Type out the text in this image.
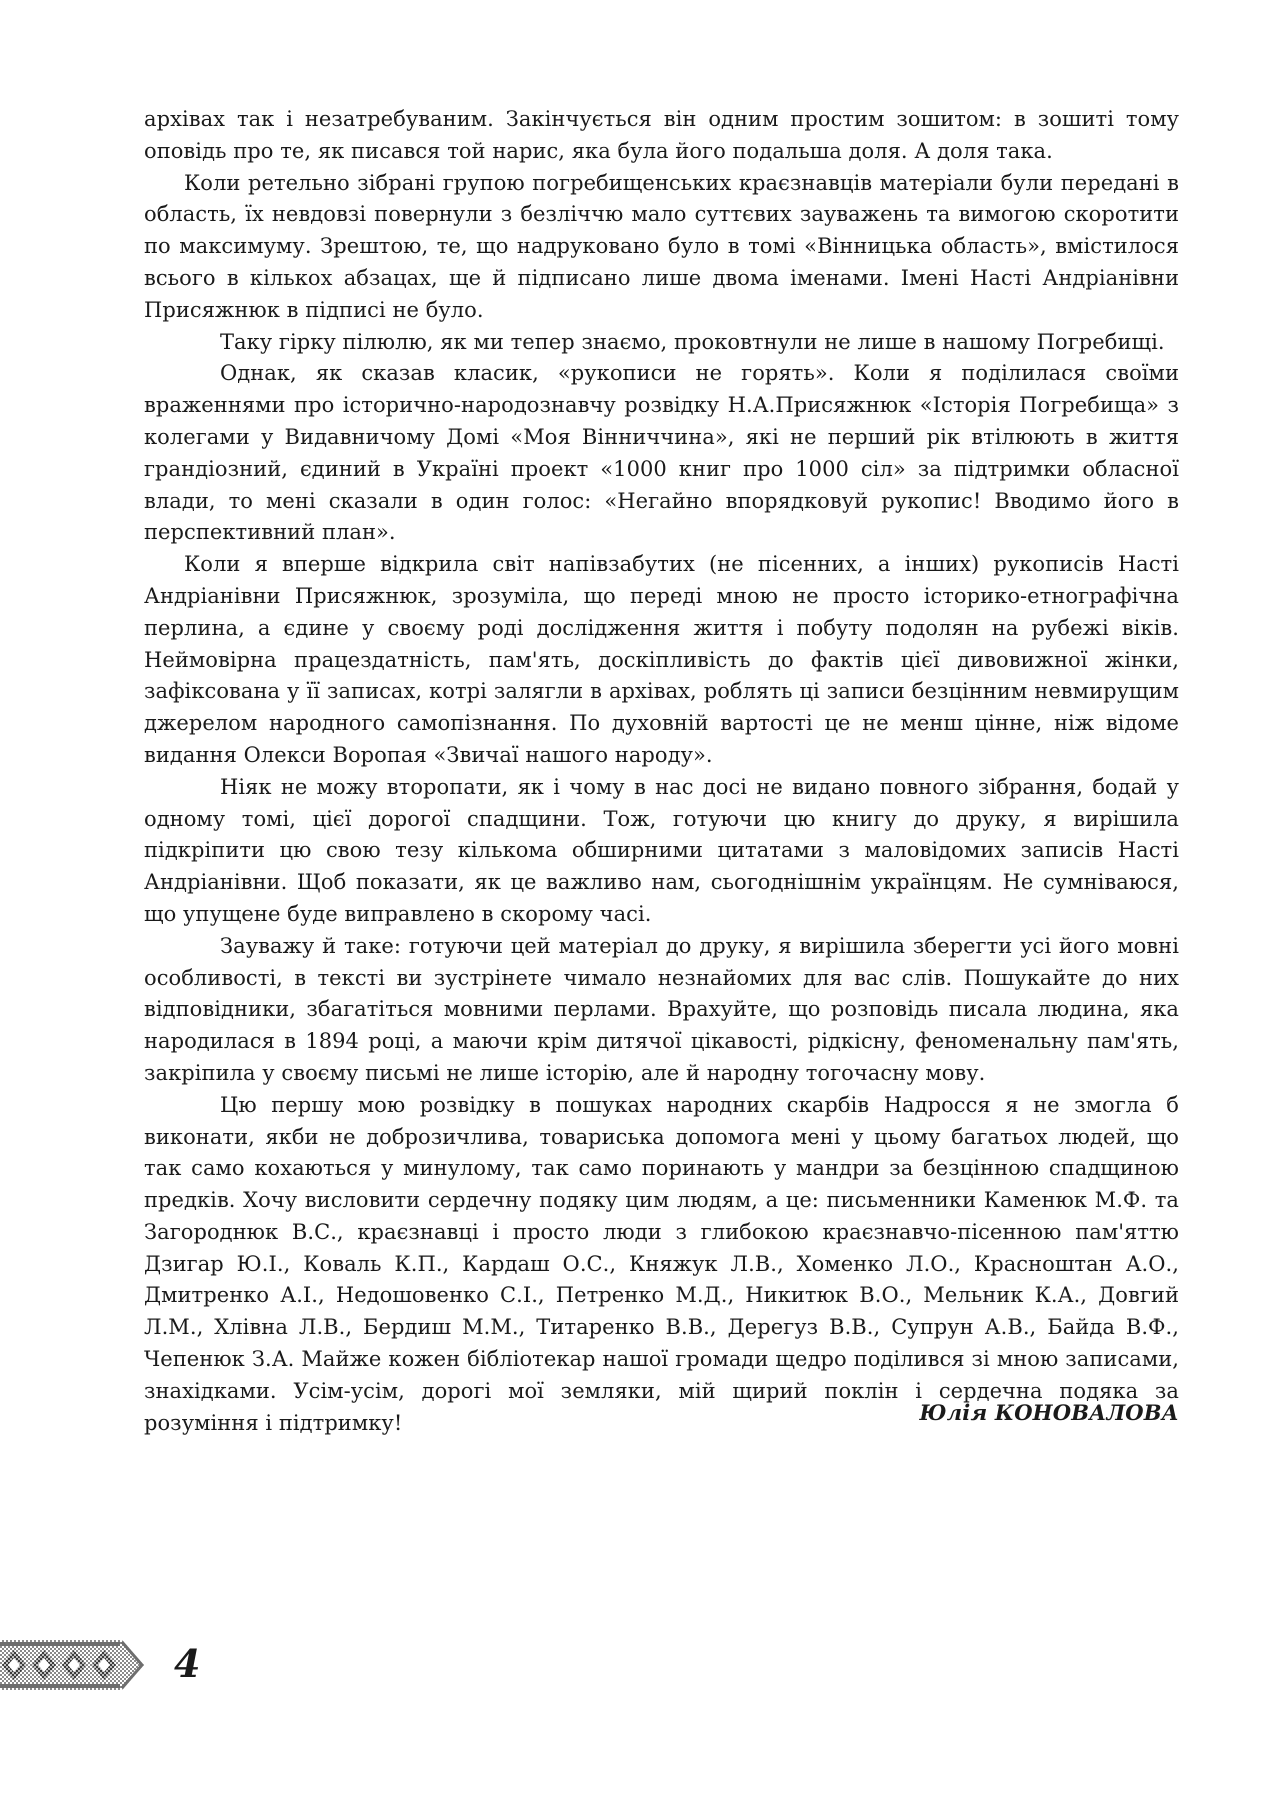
архівах так і незатребуваним. Закінчується він одним простим зошитом: в зошиті тому оповідь про те, як писався той нарис, яка була його подальша доля. А доля така.

Коли ретельно зібрані групою погребищенських краєзнавців матеріали були передані в область, їх невдовзі повернули з безліччю мало суттєвих зауважень та вимогою скоротити по максимуму. Зрештою, те, що надруковано було в томі «Вінницька область», вмістилося всього в кількох абзацах, ще й підписано лише двома іменами. Імені Насті Андріанівни Присяжнюк в підписі не було.

Таку гірку пілюлю, як ми тепер знаємо, проковтнули не лише в нашому Погребищі.

Однак, як сказав класик, «рукописи не горять». Коли я поділилася своїми враженнями про історично-народознавчу розвідку Н.А.Присяжнюк «Історія Погребища» з колегами у Видавничому Домі «Моя Вінниччина», які не перший рік втілюють в життя грандіозний, єдиний в Україні проект «1000 книг про 1000 сіл» за підтримки обласної влади, то мені сказали в один голос: «Негайно впорядковуй рукопис! Вводимо його в перспективний план».

Коли я вперше відкрила світ напівзабутих (не пісенних, а інших) рукописів Насті Андріанівни Присяжнюк, зрозуміла, що переді мною не просто історико-етнографічна перлина, а єдине у своєму роді дослідження життя і побуту подолян на рубежі віків. Неймовірна працездатність, пам'ять, доскіпливість до фактів цієї дивовижної жінки, зафіксована у її записах, котрі залягли в архівах, роблять ці записи безцінним невмирущим джерелом народного самопізнання. По духовній вартості це не менш цінне, ніж відоме видання Олекси Воропая «Звичаї нашого народу».

Ніяк не можу второпати, як і чому в нас досі не видано повного зібрання, бодай у одному томі, цієї дорогої спадщини. Тож, готуючи цю книгу до друку, я вирішила підкріпити цю свою тезу кількома обширними цитатами з маловідомих записів Насті Андріанівни. Щоб показати, як це важливо нам, сьогоднішнім українцям. Не сумніваюся, що упущене буде виправлено в скорому часі.

Зауважу й таке: готуючи цей матеріал до друку, я вирішила зберегти усі його мовні особливості, в тексті ви зустрінете чимало незнайомих для вас слів. Пошукайте до них відповідники, збагатіться мовними перлами. Врахуйте, що розповідь писала людина, яка народилася в 1894 році, а маючи крім дитячої цікавості, рідкісну, феноменальну пам'ять, закріпила у своєму письмі не лише історію, але й народну тогочасну мову.

Цю першу мою розвідку в пошуках народних скарбів Надросся я не змогла б виконати, якби не доброзичлива, товариська допомога мені у цьому багатьох людей, що так само кохаються у минулому, так само поринають у мандри за безцінною спадщиною предків. Хочу висловити сердечну подяку цим людям, а це: письменники Каменюк М.Ф. та Загороднюк В.С., краєзнавці і просто люди з глибокою краєзнавчо-пісенною пам'яттю Дзигар Ю.І., Коваль К.П., Кардаш О.С., Княжук Л.В., Хоменко Л.О., Красноштан А.О., Дмитренко А.І., Недошовенко С.І., Петренко М.Д., Никитюк В.О., Мельник К.А., Довгий Л.М., Хлівна Л.В., Бердиш М.М., Титаренко В.В., Дерегуз В.В., Супрун А.В., Байда В.Ф., Чепенюк З.А. Майже кожен бібліотекар нашої громади щедро поділився зі мною записами, знахідками. Усім-усім, дорогі мої земляки, мій щирий поклін і сердечна подяка за розуміння і підтримку!	Юлія КОНОВАЛОВА
4
